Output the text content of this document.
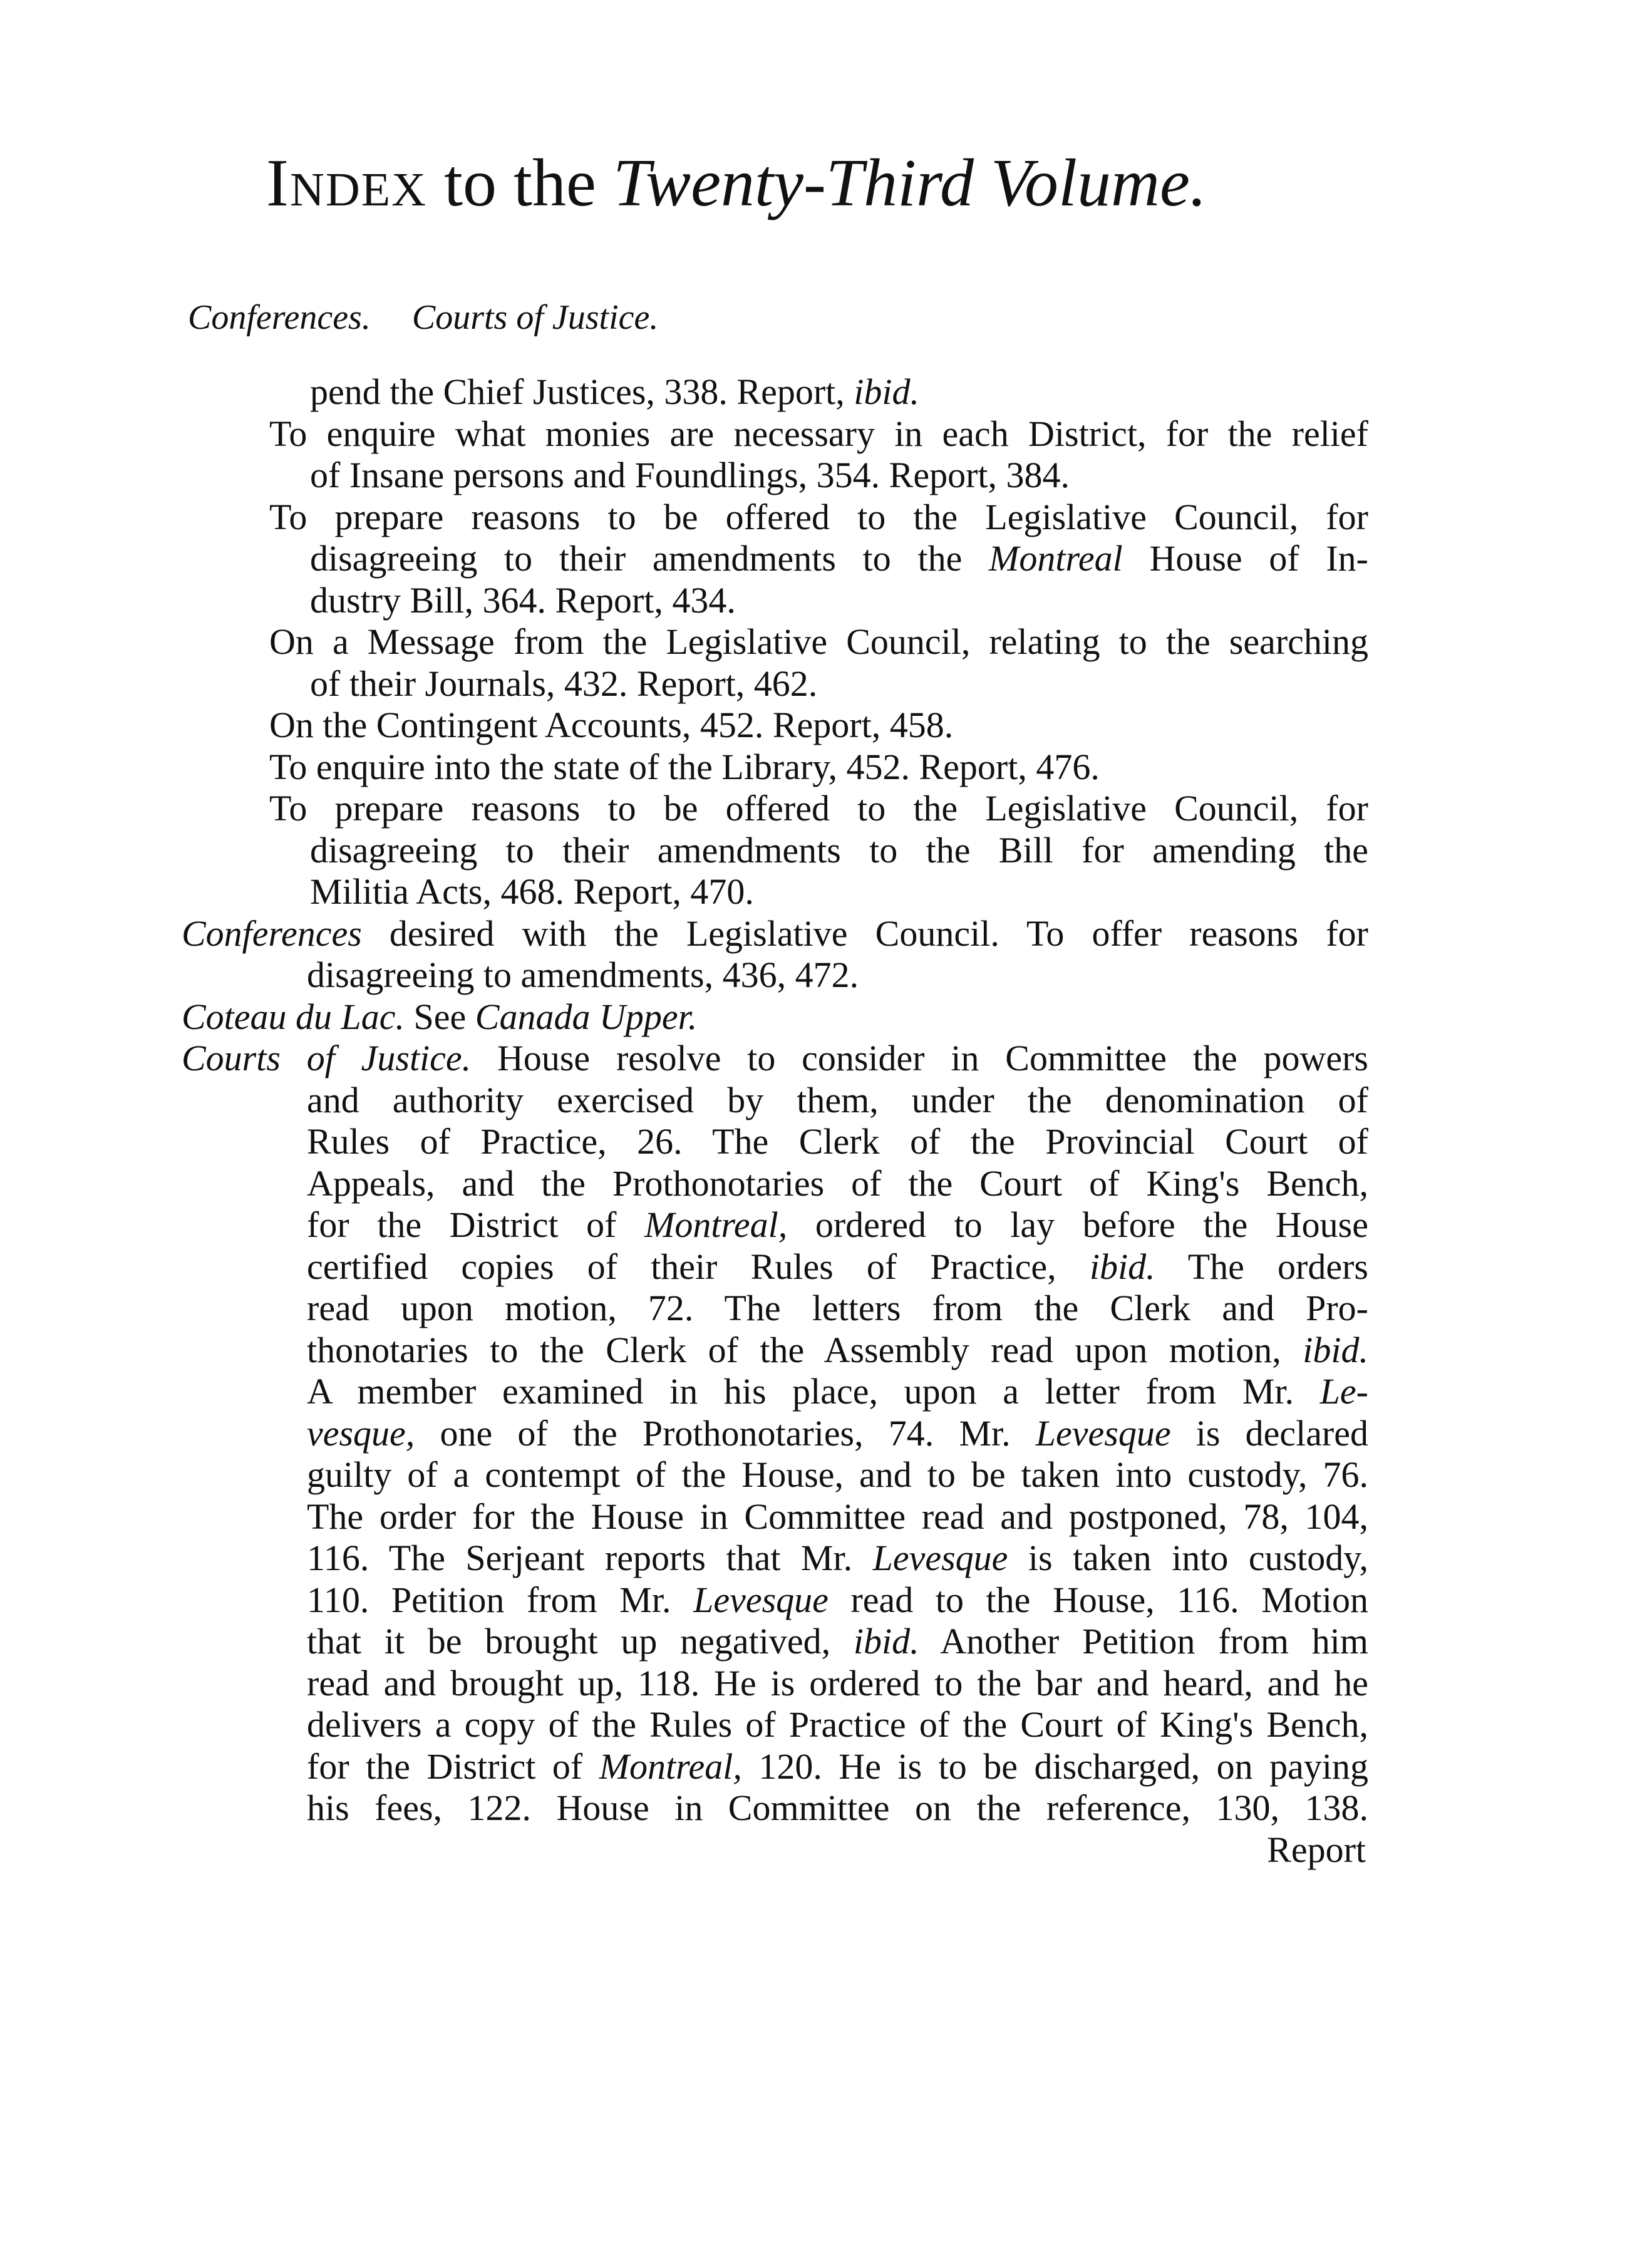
Index to the Twenty-Third Volume.
Conferences. Courts of Justice.
pend the Chief Justices, 338. Report, ibid.
To enquire what monies are necessary in each District, for the relief
of Insane persons and Foundlings, 354. Report, 384.
To prepare reasons to be offered to the Legislative Council, for
disagreeing to their amendments to the Montreal House of In-
dustry Bill, 364. Report, 434.
On a Message from the Legislative Council, relating to the searching
of their Journals, 432. Report, 462.
On the Contingent Accounts, 452. Report, 458.
To enquire into the state of the Library, 452. Report, 476.
To prepare reasons to be offered to the Legislative Council, for
disagreeing to their amendments to the Bill for amending the
Militia Acts, 468. Report, 470.
Conferences desired with the Legislative Council. To offer reasons for
disagreeing to amendments, 436, 472.
Coteau du Lac. See Canada Upper.
Courts of Justice. House resolve to consider in Committee the powers
and authority exercised by them, under the denomination of
Rules of Practice, 26. The Clerk of the Provincial Court of
Appeals, and the Prothonotaries of the Court of King's Bench,
for the District of Montreal, ordered to lay before the House
certified copies of their Rules of Practice, ibid. The orders
read upon motion, 72. The letters from the Clerk and Pro-
thonotaries to the Clerk of the Assembly read upon motion, ibid.
A member examined in his place, upon a letter from Mr. Le-
vesque, one of the Prothonotaries, 74. Mr. Levesque is declared
guilty of a contempt of the House, and to be taken into custody, 76.
The order for the House in Committee read and postponed, 78, 104,
116. The Serjeant reports that Mr. Levesque is taken into custody,
110. Petition from Mr. Levesque read to the House, 116. Motion
that it be brought up negatived, ibid. Another Petition from him
read and brought up, 118. He is ordered to the bar and heard, and he
delivers a copy of the Rules of Practice of the Court of King's Bench,
for the District of Montreal, 120. He is to be discharged, on paying
his fees, 122. House in Committee on the reference, 130, 138.
Report
